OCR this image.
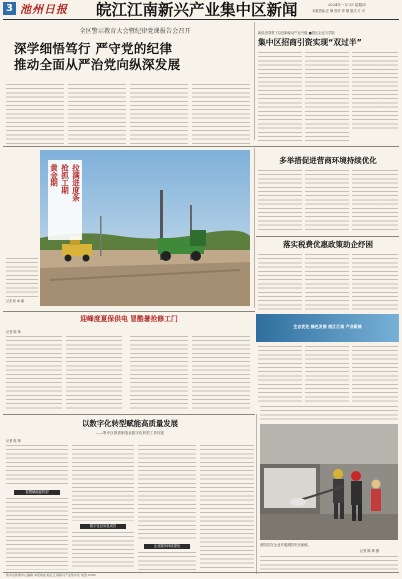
3 池州日报 皖江江南新兴产业集中区新闻	2024年一月·25 星期四
本版责编:汪 琳 校对:李 娜 版式:方 可
全区警示教育大会暨纪律党课报告会召开
深学细悟笃行 严守党的纪律
推动全面从严治党向纵深发展
新经济背景下以创新驱动产业升级 ■园区企业与学院
集中区招商引资实现“双过半”
拉满进度条
抢抓工期
黄金期
记者 陈 坤 摄
多举措促进营商环境持续优化
落实税费优惠政策助企纾困
迎峰度夏保供电 冒酷暑抢修工门
记者 陈 坤
生态优先 绿色发展 皖江江南 产业新城
以数字化转型赋能高质量发展
——集中区推进制造业数字化转型工作综述
记者 陈 坤
智慧赋能促转型
数字化应用显成效
企业服务持续提优	消防员在企业开展消防安全演练。
记者 陈 坤 摄
集中区新闻中心编辑 本报地址:皖江江南新兴产业集中区 电话:0566-
